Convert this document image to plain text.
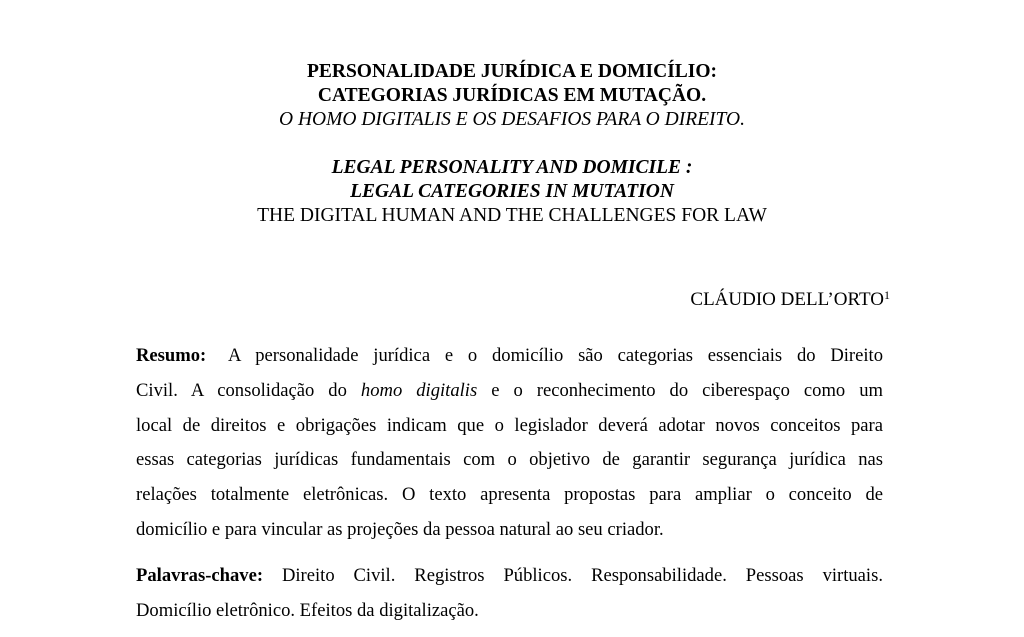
PERSONALIDADE JURÍDICA E DOMICÍLIO:
CATEGORIAS JURÍDICAS EM MUTAÇÃO.
O HOMO DIGITALIS E OS DESAFIOS PARA O DIREITO.
LEGAL PERSONALITY AND DOMICILE :
LEGAL CATEGORIES IN MUTATION
THE DIGITAL HUMAN AND THE CHALLENGES FOR LAW
CLÁUDIO DELL’ORTO$^1$
Resumo: A personalidade jurídica e o domicílio são categorias essenciais do Direito
Civil. A consolidação do homo digitalis e o reconhecimento do ciberespaço como um
local de direitos e obrigações indicam que o legislador deverá adotar novos conceitos para
essas categorias jurídicas fundamentais com o objetivo de garantir segurança jurídica nas
relações totalmente eletrônicas. O texto apresenta propostas para ampliar o conceito de
domicílio e para vincular as projeções da pessoa natural ao seu criador.
Palavras-chave: Direito Civil. Registros Públicos. Responsabilidade. Pessoas virtuais.
Domicílio eletrônico. Efeitos da digitalização.
